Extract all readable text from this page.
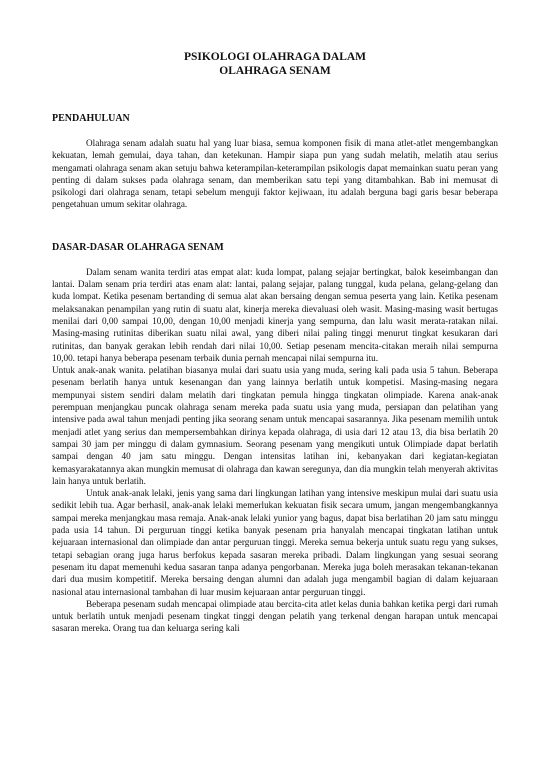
PSIKOLOGI OLAHRAGA DALAM

OLAHRAGA SENAM

PENDAHULUAN

Olahraga senam adalah suatu hal yang luar biasa, semua komponen fisik di mana atlet-atlet mengembangkan kekuatan, lemah gemulai, daya tahan, dan ketekunan. Hampir siapa pun yang sudah melatih, melatih atau serius mengamati olahraga senam akan setuju bahwa keterampilan-keterampilan psikologis dapat memainkan suatu peran yang penting di dalam sukses pada olahraga senam, dan memberikan satu tepi yang ditambahkan. Bab ini memusat di psikologi dari olahraga senam, tetapi sebelum menguji faktor kejiwaan, itu adalah berguna bagi garis besar beberapa pengetahuan umum sekitar olahraga.

DASAR-DASAR OLAHRAGA SENAM

Dalam senam wanita terdiri atas empat alat: kuda lompat, palang sejajar bertingkat, balok keseimbangan dan lantai. Dalam senam pria terdiri atas enam alat: lantai, palang sejajar, palang tunggal, kuda pelana, gelang-gelang dan kuda lompat. Ketika pesenam bertanding di semua alat akan bersaing dengan semua peserta yang lain. Ketika pesenam melaksanakan penampilan yang rutin di suatu alat, kinerja mereka dievaluasi oleh wasit. Masing-masing wasit bertugas menilai dari 0,00 sampai 10,00, dengan 10,00 menjadi kinerja yang sempurna, dan lalu wasit merata-ratakan nilai. Masing-masing rutinitas diberikan suatu nilai awal, yang diberi nilai paling tinggi menurut tingkat kesukaran dari rutinitas, dan banyak gerakan lebih rendah dari nilai 10,00. Setiap pesenam mencita-citakan meraih nilai sempurna 10,00. tetapi hanya beberapa pesenam terbaik dunia pernah mencapai nilai sempurna itu.

Untuk anak-anak wanita. pelatihan biasanya mulai dari suatu usia yang muda, sering kali pada usia 5 tahun. Beberapa pesenam berlatih hanya untuk kesenangan dan yang lainnya berlatih untuk kompetisi. Masing-masing negara mempunyai sistem sendiri dalam melatih dari tingkatan pemula hingga tingkatan olimpiade. Karena anak-anak perempuan menjangkau puncak olahraga senam mereka pada suatu usia yang muda, persiapan dan pelatihan yang intensive pada awal tahun menjadi penting jika seorang senam untuk mencapai sasarannya. Jika pesenam memilih untuk menjadi atlet yang serius dan mempersembahkan dirinya kepada olahraga, di usia dari 12 atau 13, dia bisa berlatih 20 sampai 30 jam per minggu di dalam gymnasium. Seorang pesenam yang mengikuti untuk Olimpiade dapat berlatih sampai dengan 40 jam satu minggu. Dengan intensitas latihan ini, kebanyakan dari kegiatan-kegiatan kemasyarakatannya akan mungkin memusat di olahraga dan kawan seregunya, dan dia mungkin telah menyerah aktivitas lain hanya untuk berlatih.

Untuk anak-anak lelaki, jenis yang sama dari lingkungan latihan yang intensive meskipun mulai dari suatu usia sedikit lebih tua. Agar berhasil, anak-anak lelaki memerlukan kekuatan fisik secara umum, jangan mengembangkannya sampai mereka menjangkau masa remaja. Anak-anak lelaki yunior yang bagus, dapat bisa berlatihan 20 jam satu minggu pada usia 14 tahun. Di perguruan tinggi ketika banyak pesenam pria hanyalah mencapai tingkatan latihan untuk kejuaraan internasional dan olimpiade dan antar perguruan tinggi. Mereka semua bekerja untuk suatu regu yang sukses, tetapi sebagian orang juga harus berfokus kepada sasaran mereka pribadi. Dalam lingkungan yang sesuai seorang pesenam itu dapat memenuhi kedua sasaran tanpa adanya pengorbanan. Mereka juga boleh merasakan tekanan-tekanan dari dua musim kompetitif. Mereka bersaing dengan alumni dan adalah juga mengambil bagian di dalam kejuaraan nasional atau internasional tambahan di luar musim kejuaraan antar perguruan tinggi.

Beberapa pesenam sudah mencapai olimpiade atau bercita-cita atlet kelas dunia bahkan ketika pergi dari rumah untuk berlatih untuk menjadi pesenam tingkat tinggi dengan pelatih yang terkenal dengan harapan untuk mencapai sasaran mereka. Orang tua dan keluarga sering kali
